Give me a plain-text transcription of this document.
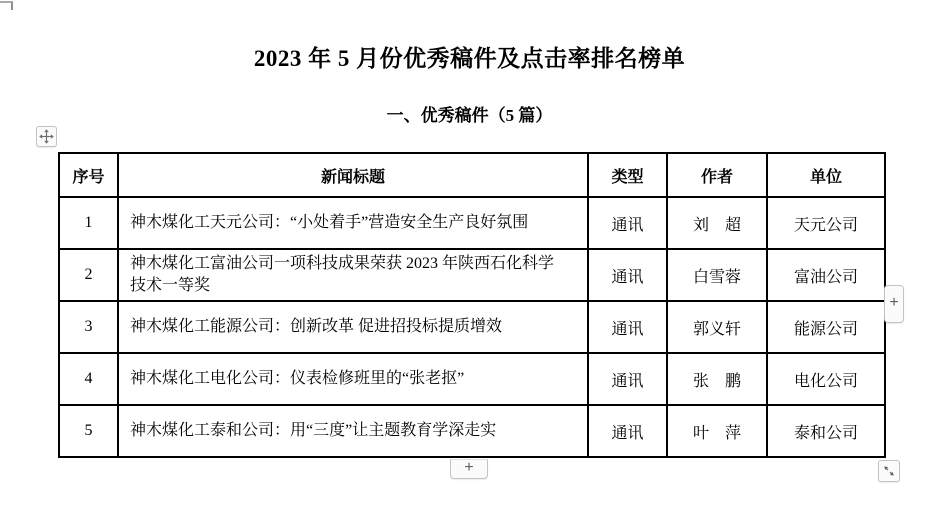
2023 年 5 月份优秀稿件及点击率排名榜单
一、优秀稿件（5 篇）
序号	新闻标题	类型	作者	单位
1	神木煤化工天元公司：“小处着手”营造安全生产良好氛围	通讯	刘　超	天元公司
2	神木煤化工富油公司一项科技成果荣获 2023 年陕西石化科学技术一等奖	通讯	白雪蓉	富油公司
3	神木煤化工能源公司：创新改革 促进招投标提质增效	通讯	郭义轩	能源公司
4	神木煤化工电化公司：仪表检修班里的“张老抠”	通讯	张　鹏	电化公司
5	神木煤化工泰和公司：用“三度”让主题教育学深走实	通讯	叶　萍	泰和公司
+
+
